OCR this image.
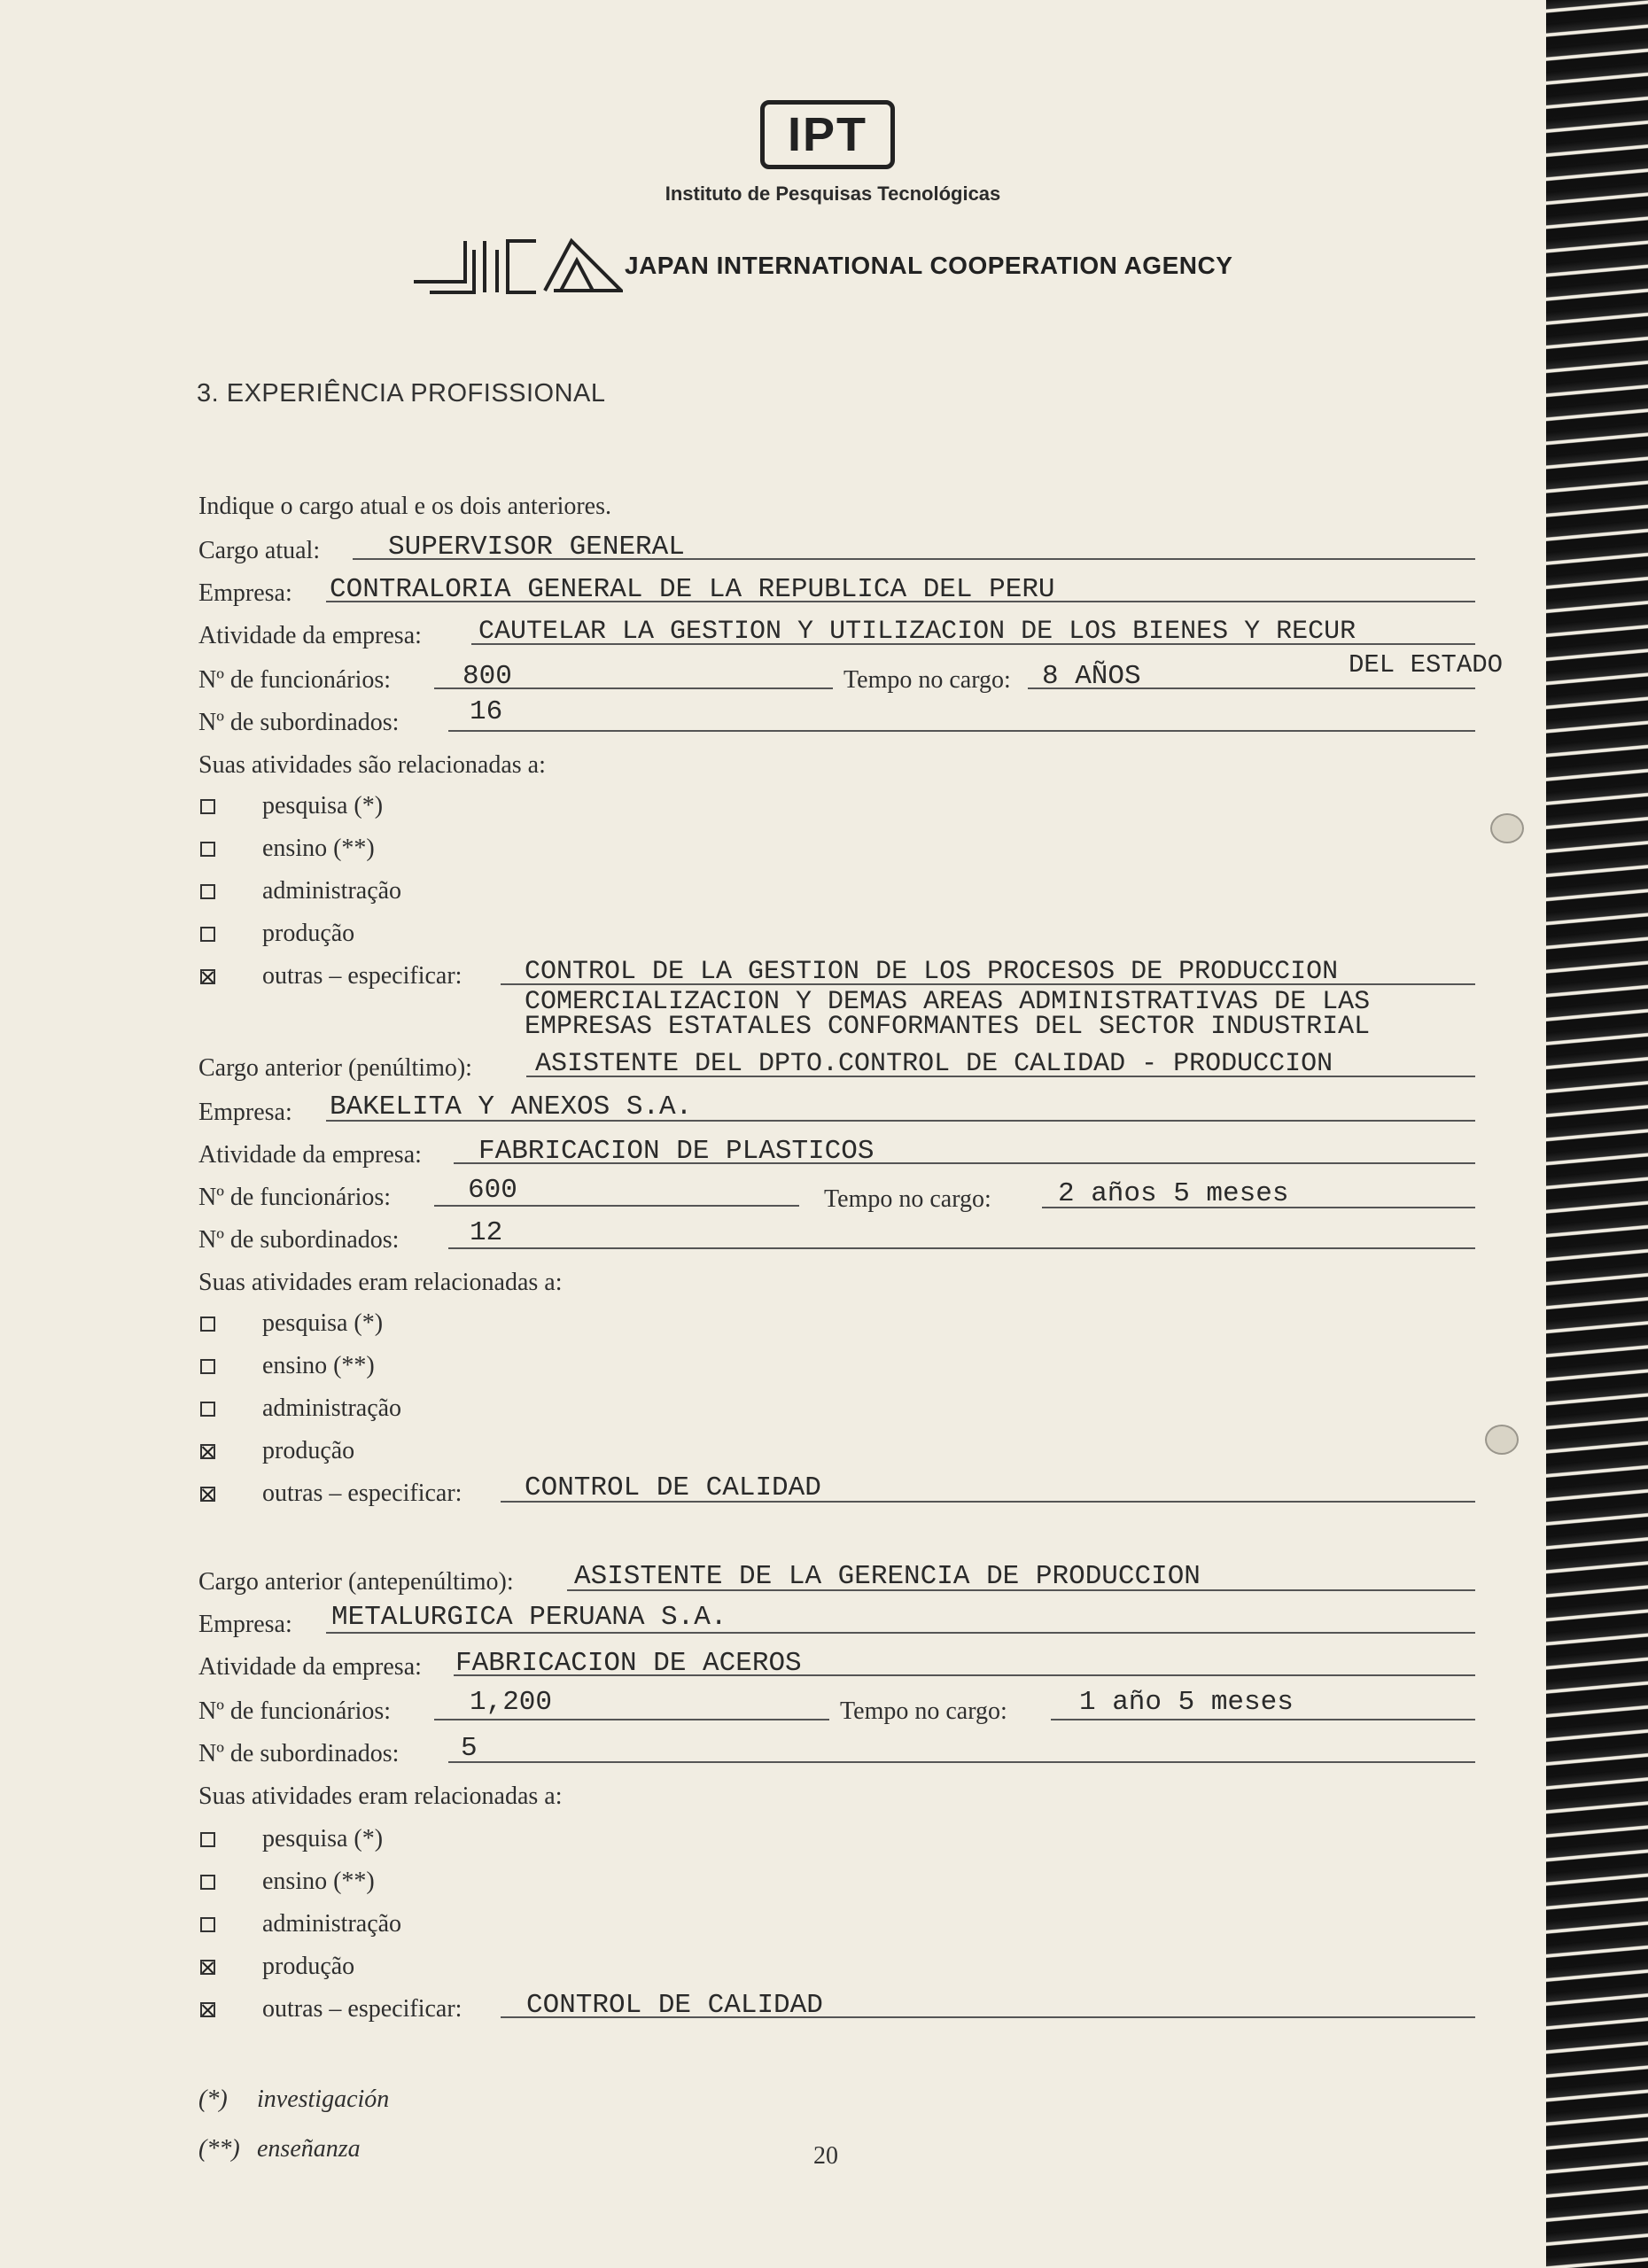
IPT
Instituto de Pesquisas Tecnológicas
JAPAN INTERNATIONAL COOPERATION AGENCY
3. EXPERIÊNCIA PROFISSIONAL
Indique o cargo atual e os dois anteriores.
Cargo atual: SUPERVISOR GENERAL
Empresa: CONTRALORIA GENERAL DE LA REPUBLICA DEL PERU
Atividade da empresa: CAUTELAR LA GESTION Y UTILIZACION DE LOS BIENES Y RECUR
DEL ESTADO
Nº de funcionários:	800	Tempo no cargo: 8 AÑOS
Nº de subordinados:	16
Suas atividades são relacionadas a:
pesquisa (*)
ensino (**)
administração
produção
outras – especificar: CONTROL DE LA GESTION DE LOS PROCESOS DE PRODUCCION
COMERCIALIZACION Y DEMAS AREAS ADMINISTRATIVAS DE LAS
EMPRESAS ESTATALES CONFORMANTES DEL SECTOR INDUSTRIAL
Cargo anterior (penúltimo): ASISTENTE DEL DPTO.CONTROL DE CALIDAD - PRODUCCION
Empresa: BAKELITA Y ANEXOS S.A.
Atividade da empresa: FABRICACION DE PLASTICOS
Nº de funcionários:	600	Tempo no cargo: 2 años 5 meses
Nº de subordinados:	12
Suas atividades eram relacionadas a:
pesquisa (*)
ensino (**)
administração
produção
outras – especificar: CONTROL DE CALIDAD
Cargo anterior (antepenúltimo): ASISTENTE DE LA GERENCIA DE PRODUCCION
Empresa: METALURGICA PERUANA S.A.
Atividade da empresa: FABRICACION DE ACEROS
Nº de funcionários:	1,200	Tempo no cargo:	1 año 5 meses
Nº de subordinados: 5
Suas atividades eram relacionadas a:
pesquisa (*)
ensino (**)
administração
produção
outras – especificar: CONTROL DE CALIDAD
(*) investigación
(**) enseñanza	20
